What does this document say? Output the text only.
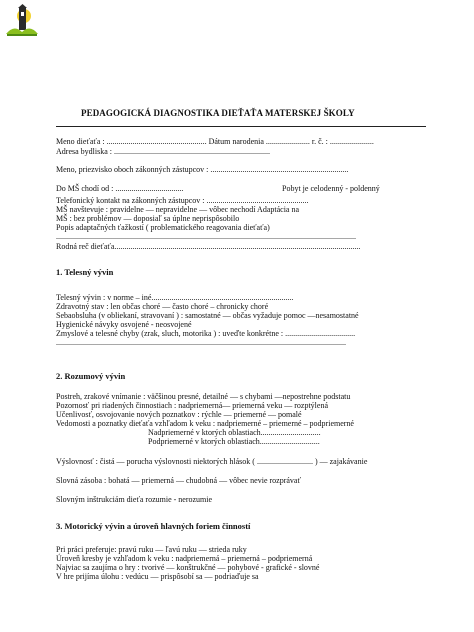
PEDAGOGICKÁ DIAGNOSTIKA DIEŤAŤA MATERSKEJ ŠKOLY
Meno dieťaťa : .................................................. Dátum narodenia ...................... r. č. : ......................
Adresa bydliska : ..............................................................................
Meno, priezvisko oboch zákonných zástupcov : .....................................................................
Do MŠ chodí od : ..................................	Pobyt je celodenný - poldenný
Telefonický kontakt na zákonných zástupcov : ...................................................
MŠ navštevuje : pravidelne — nepravidelne — vôbec nechodí Adaptácia na
MŠ : bez problémov — doposiaľ sa úplne neprispôsobilo
Popis adaptačných ťažkostí ( problematického reagovania dieťaťa)
......................................................................................................................................................
Rodná reč dieťaťa...........................................................................................................................
1. Telesný vývin
Telesný vývin : v norme – iné.......................................................................
Zdravotný stav : len občas choré — často choré – chronicky choré
Sebaobsluha (v obliekaní, stravovaní ) : samostatné — občas vyžaduje pomoc —nesamostatné
Hygienické návyky osvojené - neosvojené
Zmyslové a telesné chyby (zrak, sluch, motorika ) : uveďte konkrétne : ...................................
.................................................................................................................................................
2. Rozumový vývin
Postreh, zrakové vnímanie : väčšinou presné, detailné — s chybami —nepostrehne podstatu
Pozornosť pri riadených činnostiach : nadpriemerná— priemerná veku — rozptýlená
Učenlivosť, osvojovanie nových poznatkov : rýchle — priemerné — pomalé
Vedomosti a poznatky dieťaťa vzhľadom k veku : nadpriemerné – priemerné – podpriemerné
Nadpriemerné v ktorých oblastiach..............................
Podpriemerné v ktorých oblastiach..............................
Výslovnosť : čistá — porucha výslovnosti niektorých hlások ( ............................ ) — zajakávanie
Slovná zásoba : bohatá — priemerná — chudobná — vôbec nevie rozprávať
Slovným inštrukciám dieťa rozumie - nerozumie
3. Motorický vývin a úroveň hlavných foriem činností
Pri práci preferuje: pravú ruku — ľavú ruku — strieda ruky
Úroveň kresby je vzhľadom k veku : nadpriemerná – priemerná – podpriemerná
Najviac sa zaujíma o hry : tvorivé — konštrukčné — pohybové - grafické - slovné
V hre prijíma úlohu : vedúcu — prispôsobí sa — podriaďuje sa
